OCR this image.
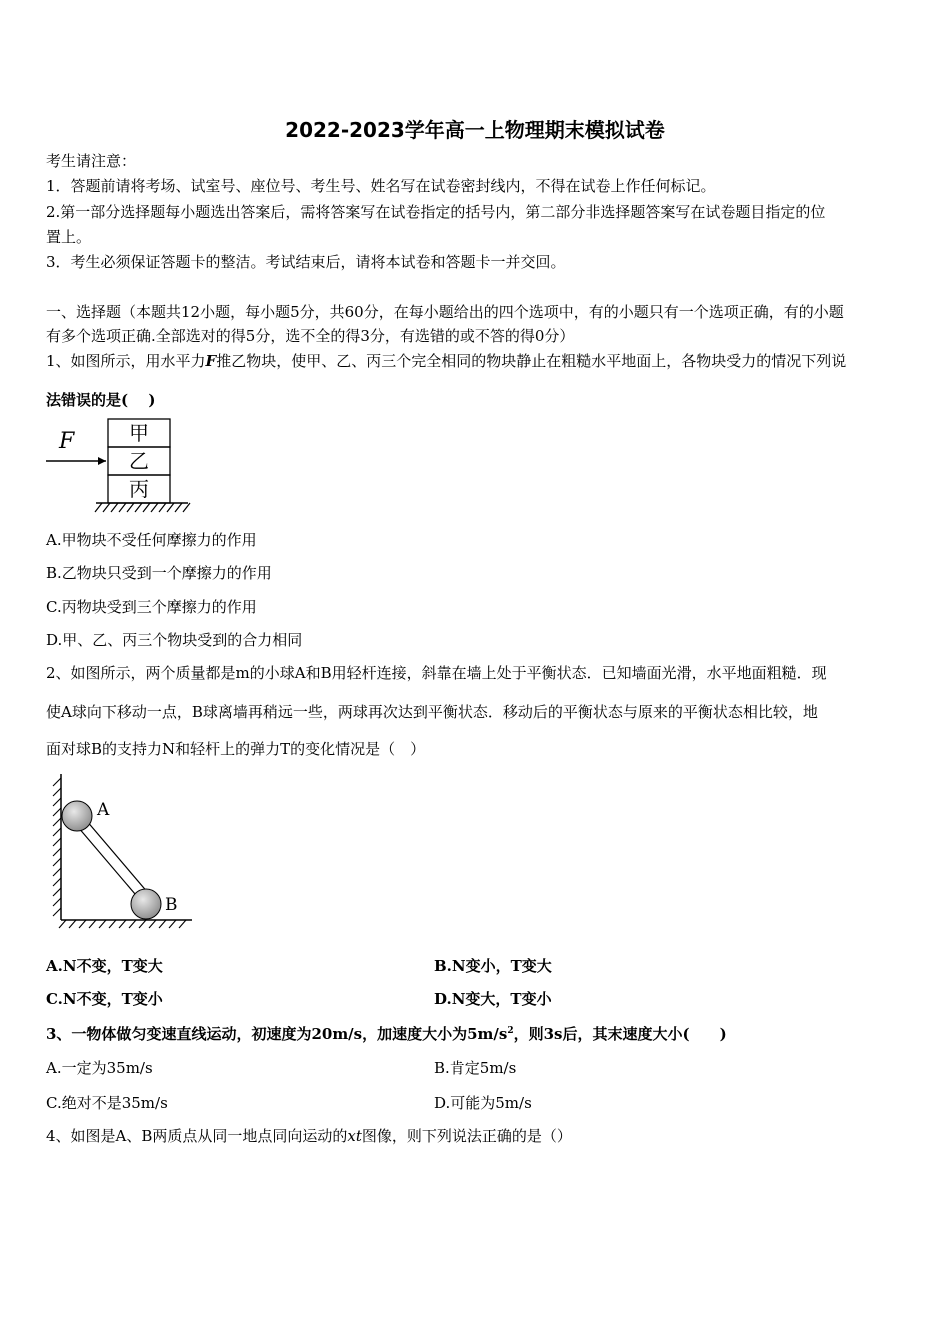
2022-2023学年高一上物理期末模拟试卷
考生请注意：
1．答题前请将考场、试室号、座位号、考生号、姓名写在试卷密封线内，不得在试卷上作任何标记。
2.第一部分选择题每小题选出答案后，需将答案写在试卷指定的括号内，第二部分非选择题答案写在试卷题目指定的位
置上。
3．考生必须保证答题卡的整洁。考试结束后，请将本试卷和答题卡一并交回。
一、选择题（本题共12小题，每小题5分，共60分，在每小题给出的四个选项中，有的小题只有一个选项正确，有的小题
有多个选项正确.全部选对的得5分，选不全的得3分，有选错的或不答的得0分）
1、如图所示，用水平力F推乙物块，使甲、乙、丙三个完全相同的物块静止在粗糙水平地面上，各物块受力的情况下列说
法错误的是(　 )
F	甲
乙
丙
A.甲物块不受任何摩擦力的作用
B.乙物块只受到一个摩擦力的作用
C.丙物块受到三个摩擦力的作用
D.甲、乙、丙三个物块受到的合力相同
2、如图所示，两个质量都是m的小球A和B用轻杆连接，斜靠在墙上处于平衡状态．已知墙面光滑，水平地面粗糙．现
使A球向下移动一点，B球离墙再稍远一些，两球再次达到平衡状态．移动后的平衡状态与原来的平衡状态相比较，地
面对球B的支持力N和轻杆上的弹力T的变化情况是（　）
A
B
A.N不变，T变大	B.N变小，T变大
C.N不变，T变小	D.N变大，T变小
3、一物体做匀变速直线运动，初速度为20m/s，加速度大小为$5m/s^2$，则3s后，其末速度大小(　　)
A.一定为35m/s	B.肯定5m/s
C.绝对不是35m/s	D.可能为5m/s
4、如图是A、B两质点从同一地点同向运动的xt图像，则下列说法正确的是（）
